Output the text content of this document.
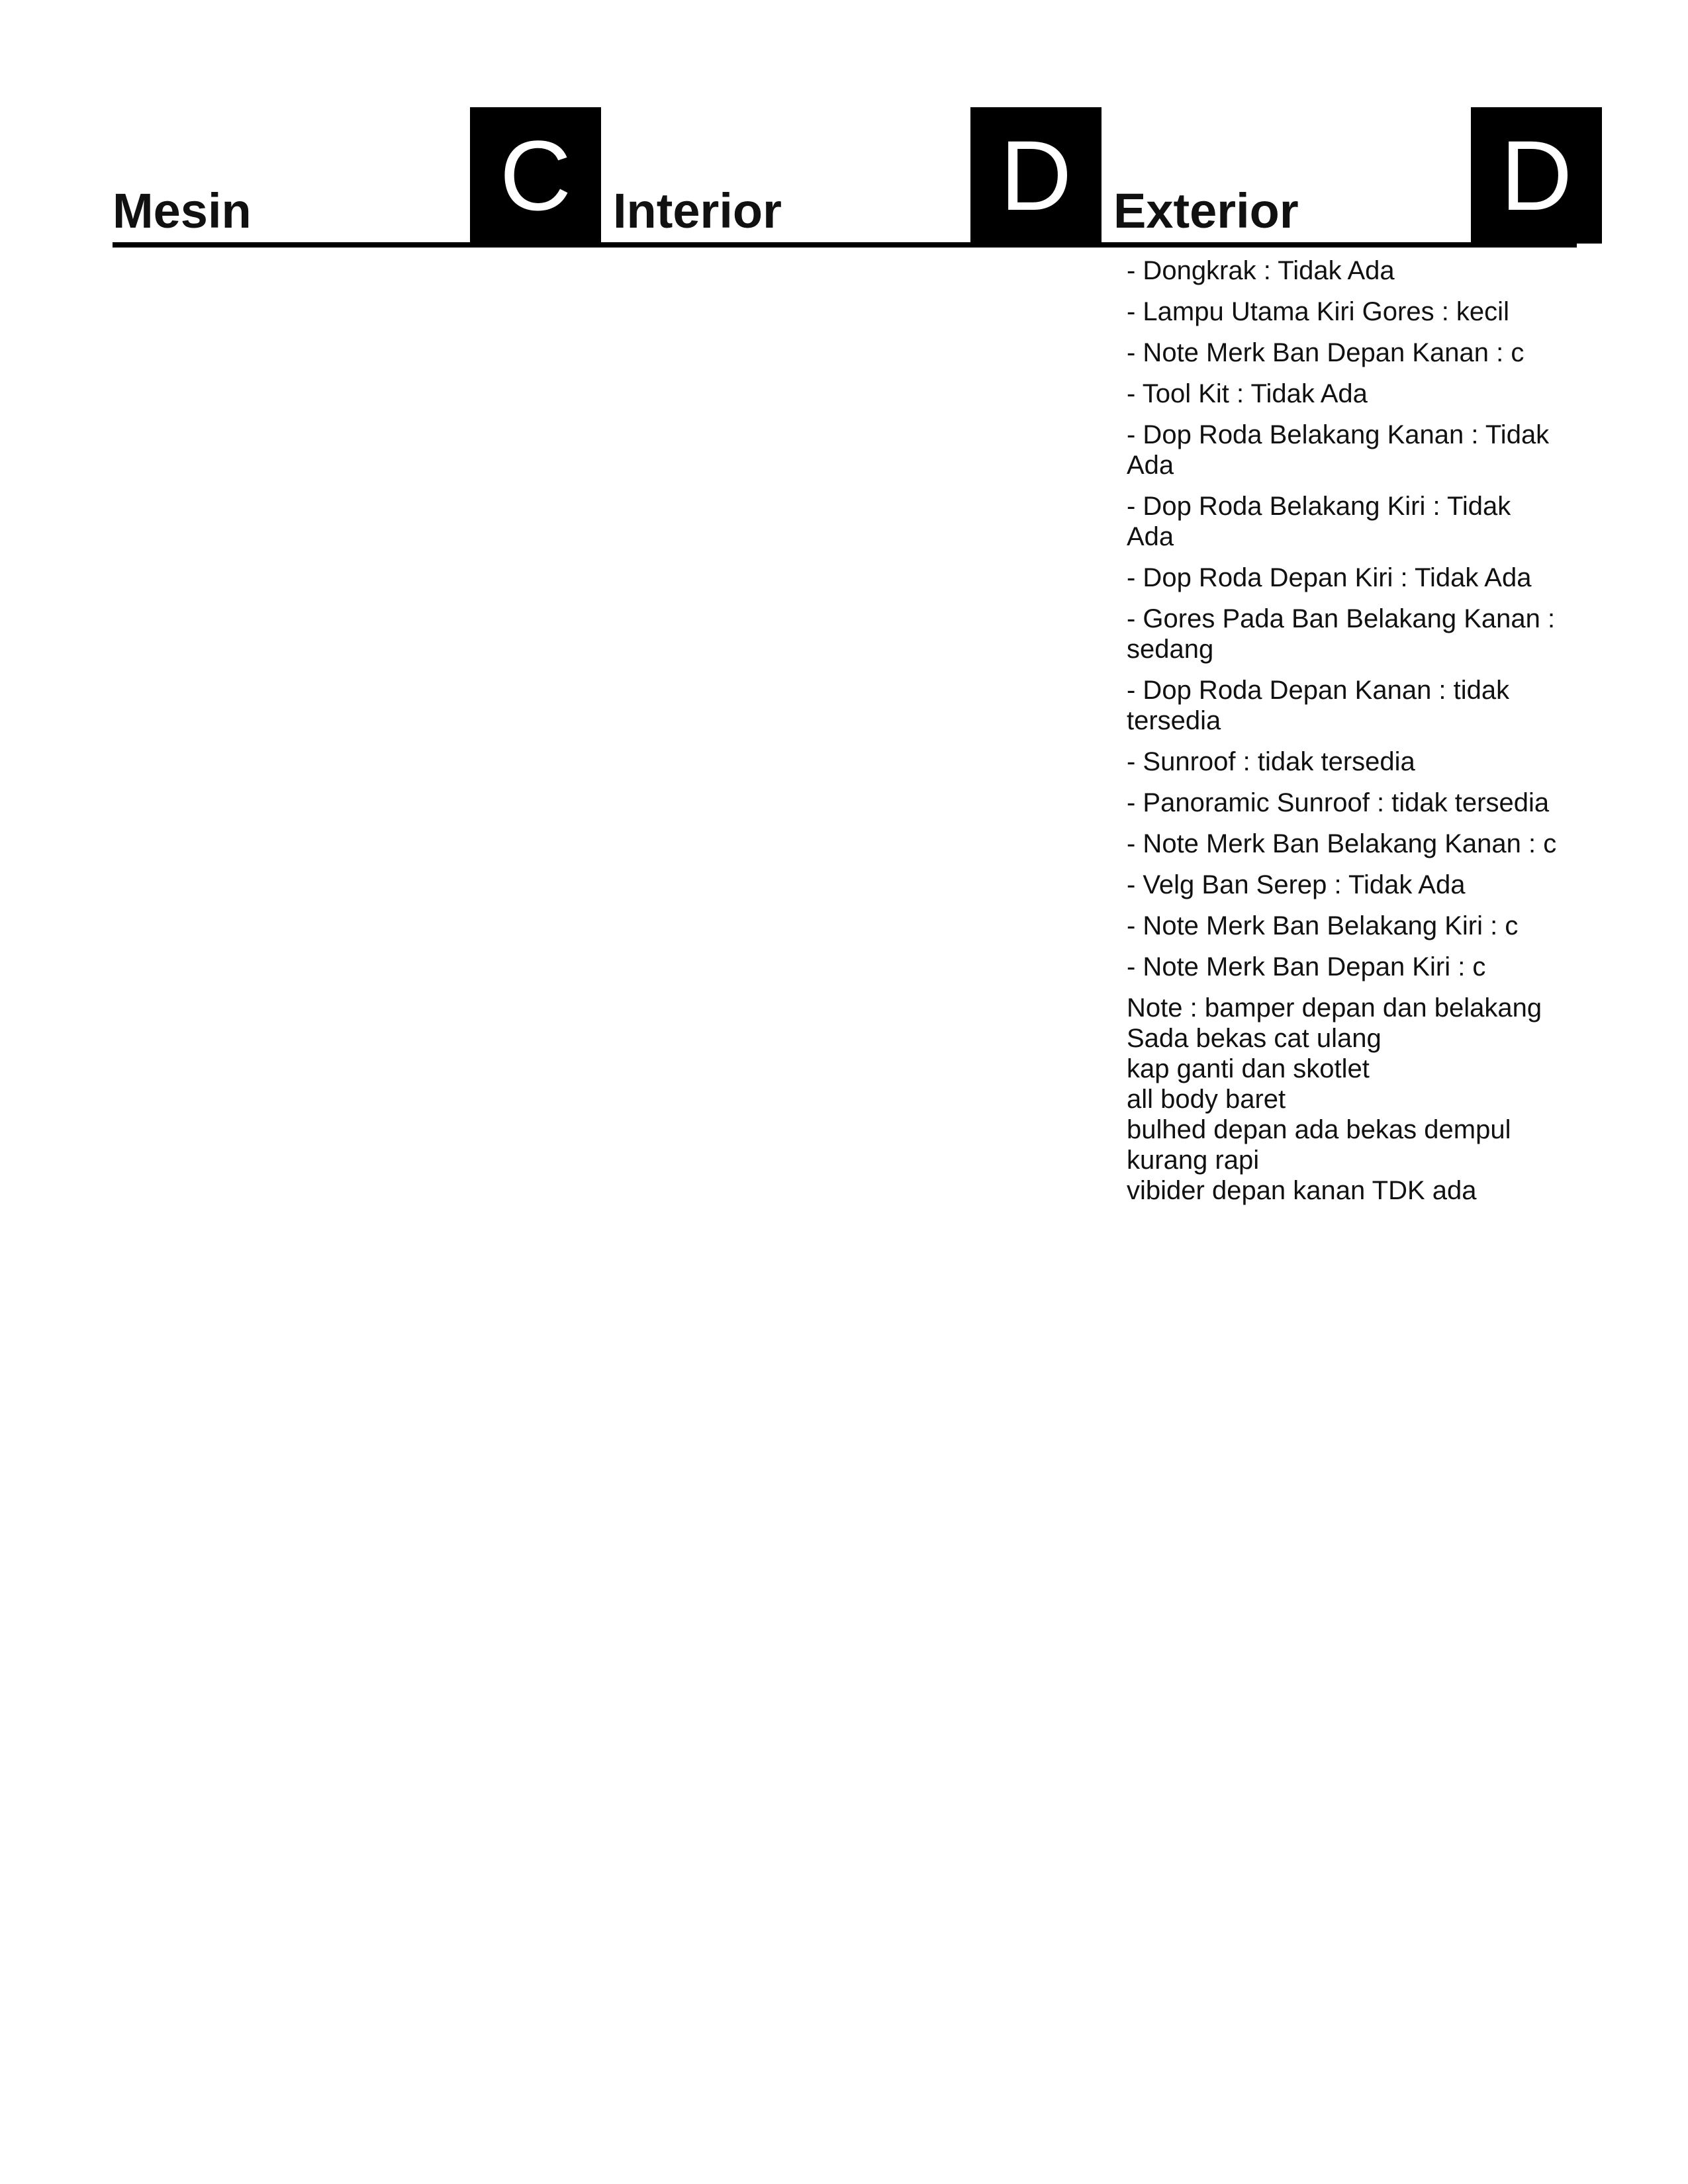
Mesin	C Interior D Exterior D
- Dongkrak : Tidak Ada
- Lampu Utama Kiri Gores : kecil
- Note Merk Ban Depan Kanan : c
- Tool Kit : Tidak Ada
- Dop Roda Belakang Kanan : Tidak Ada
- Dop Roda Belakang Kiri : Tidak Ada
- Dop Roda Depan Kiri : Tidak Ada
- Gores Pada Ban Belakang Kanan : sedang
- Dop Roda Depan Kanan : tidak tersedia
- Sunroof : tidak tersedia
- Panoramic Sunroof : tidak tersedia
- Note Merk Ban Belakang Kanan : c
- Velg Ban Serep : Tidak Ada
- Note Merk Ban Belakang Kiri : c
- Note Merk Ban Depan Kiri : c
Note : bamper depan dan belakang Sada bekas cat ulang
kap ganti dan skotlet
all body baret
bulhed depan ada bekas dempul kurang rapi
vibider depan kanan TDK ada
